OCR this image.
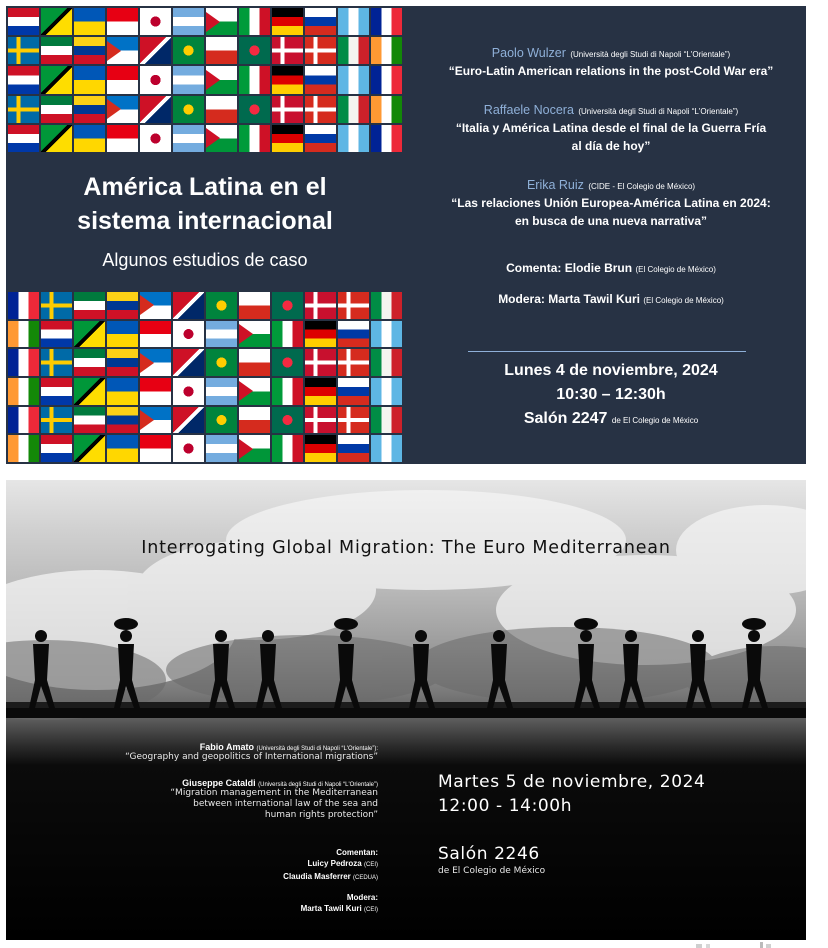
América Latina en el
sistema internacional
Algunos estudios de caso
Paolo Wulzer (Università degli Studi di Napoli “L'Orientale”)
“Euro-Latin American relations in the post-Cold War era”
Raffaele Nocera (Università degli Studi di Napoli “L'Orientale”)
“Italia y América Latina desde el final de la Guerra Fría
al día de hoy”
Erika Ruiz (CIDE - El Colegio de México)
“Las relaciones Unión Europea-América Latina en 2024:
en busca de una nueva narrativa”
Comenta: Elodie Brun (El Colegio de México)
Modera: Marta Tawil Kuri (El Colegio de México)
Lunes 4 de noviembre, 2024
10:30 – 12:30h
Salón 2247 de El Colegio de México
Interrogating Global Migration: The Euro Mediterranean
Fabio Amato (Università degli Studi di Napoli “L'Orientale”):
“Geography and geopolitics of International migrations”
Giuseppe Cataldi (Università degli Studi di Napoli “L'Orientale”)
“Migration management in the Mediterranean
between international law of the sea and
human rights protection”
Comentan:
Luicy Pedroza (CEI)
Claudia Masferrer (CEDUA)
Modera:
Marta Tawil Kuri (CEI)
Martes 5 de noviembre, 2024
12:00 - 14:00h
Salón 2246
de El Colegio de México
